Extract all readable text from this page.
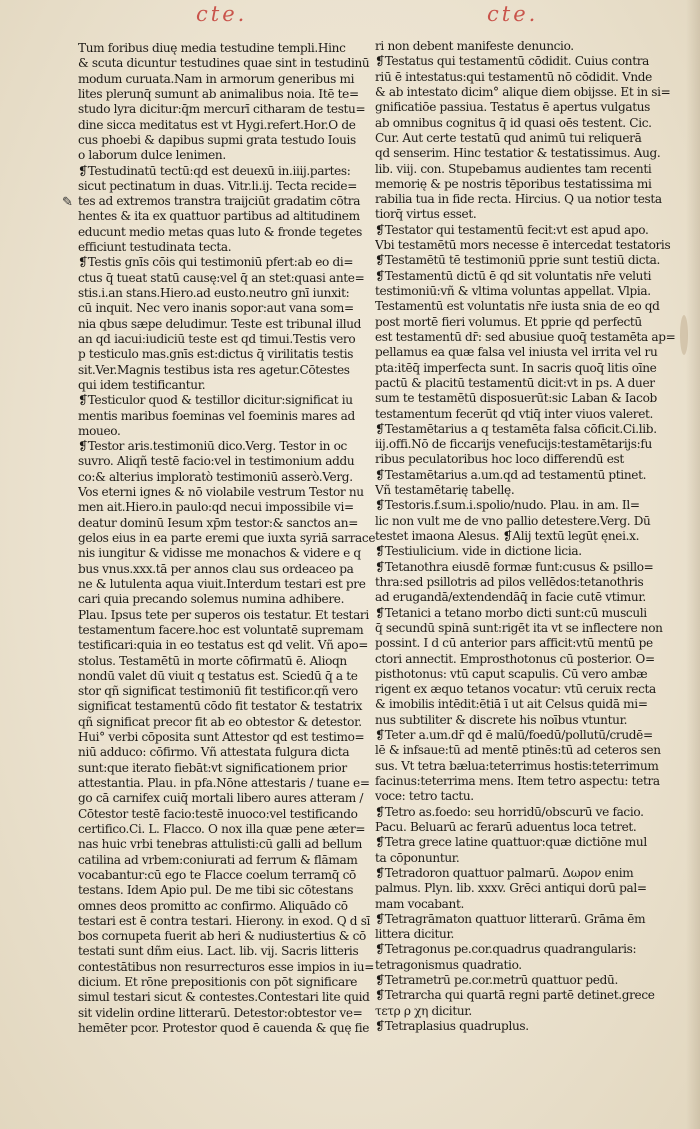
cte.	cte.
✎
Tum foribus diuę media testudine templi.Hinc
& scuta dicuntur testudines quae sint in testudinū
modum curuata.Nam in armorum generibus mi
lites plerunq̄ sumunt ab animalibus noia. Itē te=
studo lyra dicitur:q̄m mercurī citharam de testu=
dine sicca meditatus est vt Hygi.refert.Hor.O de
cus phoebi & dapibus supmi grata testudo Iouis
o laborum dulce lenimen.
❡Testudinatū tectū:qd est deuexū in.iiij.partes:
sicut pectinatum in duas. Vitr.li.ij. Tecta recide=
tes ad extremos transtra traijciūt gradatim cōtra
hentes & ita ex quattuor partibus ad altitudinem
educunt medio metas quas luto & fronde tegetes
efficiunt testudinata tecta.
❡Testis gnīs cōis qui testimoniū pfert:ab eo di=
ctus q̄ tueat statū causę:vel q̄ an stet:quasi ante=
stis.i.an stans.Hiero.ad eusto.neutro gnī iunxit:
cū inquit. Nec vero inanis sopor:aut vana som=
nia qbus sæpe deludimur. Teste est tribunal illud
an qd iacui:iudiciū teste est qd timui.Testis vero
p testiculo mas.gnīs est:dictus q̄ virilitatis testis
sit.Ver.Magnis testibus ista res agetur.Cōtestes
qui idem testificantur.
❡Testiculor quod & testillor dicitur:significat iu
mentis maribus foeminas vel foeminis mares ad
moueo.
❡Testor aris.testimoniū dico.Verg. Testor in oc
suvro. Aliqñ testē facio:vel in testimonium addu
co:& alterius imploratò testimoniū asserò.Verg.
Vos eterni ignes & nō violabile vestrum Testor nu
men ait.Hiero.in paulo:qd necui impossibile vi=
deatur dominū Iesum xp̄m testor:& sanctos an=
gelos eius in ea parte eremi que iuxta syriā sarrace
nis iungitur & vidisse me monachos & videre e q
bus vnus.xxx.tā per annos clau sus ordeaceo pa
ne & lutulenta aqua viuit.Interdum testari est pre
cari quia precando solemus numina adhibere.
Plau. Ipsus tete per superos ois testatur. Et testari
testamentum facere.hoc est voluntatē supremam
testificari:quia in eo testatus est qd velit. Vñ apo=
stolus. Testamētū in morte cōfirmatū ē. Alioqn
nondū valet dū viuit q testatus est. Sciedū q̄ a te
stor qñ significat testimoniū fit testificor.qñ vero
significat testamentū cōdo fit testator & testatrix
qñ significat precor fit ab eo obtestor & detestor.
Hui° verbi cōposita sunt Attestor qd est testimo=
niū adduco: cōfirmo. Vñ attestata fulgura dicta
sunt:que iterato fiebāt:vt significationem prior
attestantia. Plau. in pfa.Nōne attestaris / tuane e=
go cā carnifex cuiq̄ mortali libero aures atteram /
Cōtestor testē facio:testē inuoco:vel testificando
certifico.Ci. L. Flacco. O nox illa quæ pene æter=
nas huic vrbi tenebras attulisti:cū galli ad bellum
catilina ad vrbem:coniurati ad ferrum & flāmam
vocabantur:cū ego te Flacce coelum terramq̄ cō
testans. Idem Apio pul. De me tibi sic cōtestans
omnes deos promitto ac confirmo. Aliquādo cō
testari est ē contra testari. Hierony. in exod. Q d sī
bos cornupeta fuerit ab heri & nudiustertius & cō
testati sunt dñm eius. Lact. lib. vij. Sacris litteris
contestātibus non resurrecturos esse impios in iu=
dicium. Et rōne prepositionis con pōt significare
simul testari sicut & contestes.Contestari lite quid
sit videlin ordine litterarū. Detestor:obtestor ve=
hemēter pcor. Protestor quod ē cauenda & quę fie
ri non debent manifeste denuncio.
❡Testatus qui testamentū cōdidit. Cuius contra
riū ē intestatus:qui testamentū nō cōdidit. Vnde
& ab intestato dicim° alique diem obijsse. Et in si=
gnificatiōe passiua. Testatus ē apertus vulgatus
ab omnibus cognitus q̄ id quasi oēs testent. Cic.
Cur. Aut certe testatū qud animū tui reliquerā
qd senserim. Hinc testatior & testatissimus. Aug.
lib. viij. con. Stupebamus audientes tam recenti
memorię & pe nostris tēporibus testatissima mi
rabilia tua in fide recta. Hircius. Q ua notior testa
tiorq̄ virtus esset.
❡Testator qui testamentū fecit:vt est apud apo.
Vbi testamētū mors necesse ē intercedat testatoris
❡Testamētū tē testimoniū pprie sunt testiū dicta.
❡Testamentū dictū ē qd sit voluntatis nr̄e veluti
testimoniū:vñ & vltima voluntas appellat. Vlpia.
Testamentū est voluntatis nr̄e iusta snia de eo qd
post mortē fieri volumus. Et pprie qd perfectū
est testamentū dr̄: sed abusiue quoq̄ testamēta ap=
pellamus ea quæ falsa vel iniusta vel irrita vel ru
pta:itēq̄ imperfecta sunt. In sacris quoq̄ litis oīne
pactū & placitū testamentū dicit:vt in ps. A duer
sum te testamētū disposuerūt:sic Laban & Iacob
testamentum fecerūt qd vtiq̄ inter viuos valeret.
❡Testamētarius a q testamēta falsa cōficit.Ci.lib.
iij.offi.Nō de ficcarijs venefucijs:testamētarijs:fu
ribus peculatoribus hoc loco differendū est
❡Testamētarius a.um.qd ad testamentū ptinet.
Vñ testamētarię tabellę.
❡Testoris.f.sum.i.spolio/nudo. Plau. in am. Il=
lic non vult me de vno pallio detestere.Verg. Dū
testet imaona Alesus. ❡Alij textū legūt ęnei.x.
❡Testiulicium. vide in dictione licia.
❡Tetanothra eiusdē formæ funt:cusus & psillo=
thra:sed psillotris ad pilos vellēdos:tetanothris
ad erugandā/extendendāq̄ in facie cutē vtimur.
❡Tetanici a tetano morbo dicti sunt:cū musculi
q̄ secundū spinā sunt:rigēt ita vt se inflectere non
possint. I d cū anterior pars afficit:vtū mentū pe
ctori annectit. Emprosthotonus cū posterior. O=
pisthotonus: vtū caput scapulis. Cū vero ambæ
rigent ex æquo tetanos vocatur: vtū ceruix recta
& imobilis intēdit:ētiā ī ut ait Celsus quidā mi=
nus subtiliter & discrete his noībus vtuntur.
❡Teter a.um.dr̄ qd ē malū/foedū/pollutū/crudē=
lē & infsaue:tū ad mentē ptinēs:tū ad ceteros sen
sus. Vt tetra bælua:teterrimus hostis:teterrimum
facinus:teterrima mens. Item tetro aspectu: tetra
voce: tetro tactu.
❡Tetro as.foedo: seu horridū/obscurū ve facio.
Pacu. Beluarū ac ferarū aduentus loca tetret.
❡Tetra grece latine quattuor:quæ dictiōne mul
ta cōponuntur.
❡Tetradoron quattuor palmarū. Δωρον enim
palmus. Plyn. lib. xxxv. Grēci antiqui dorū pal=
mam vocabant.
❡Tetragrāmaton quattuor litterarū. Grāma ēm
littera dicitur.
❡Tetragonus pe.cor.quadrus quadrangularis:
tetragonismus quadratio.
❡Tetrametrū pe.cor.metrū quattuor pedū.
❡Tetrarcha qui quartā regni partē detinet.grece
τετρ ρ χη dicitur.
❡Tetraplasius quadruplus.
